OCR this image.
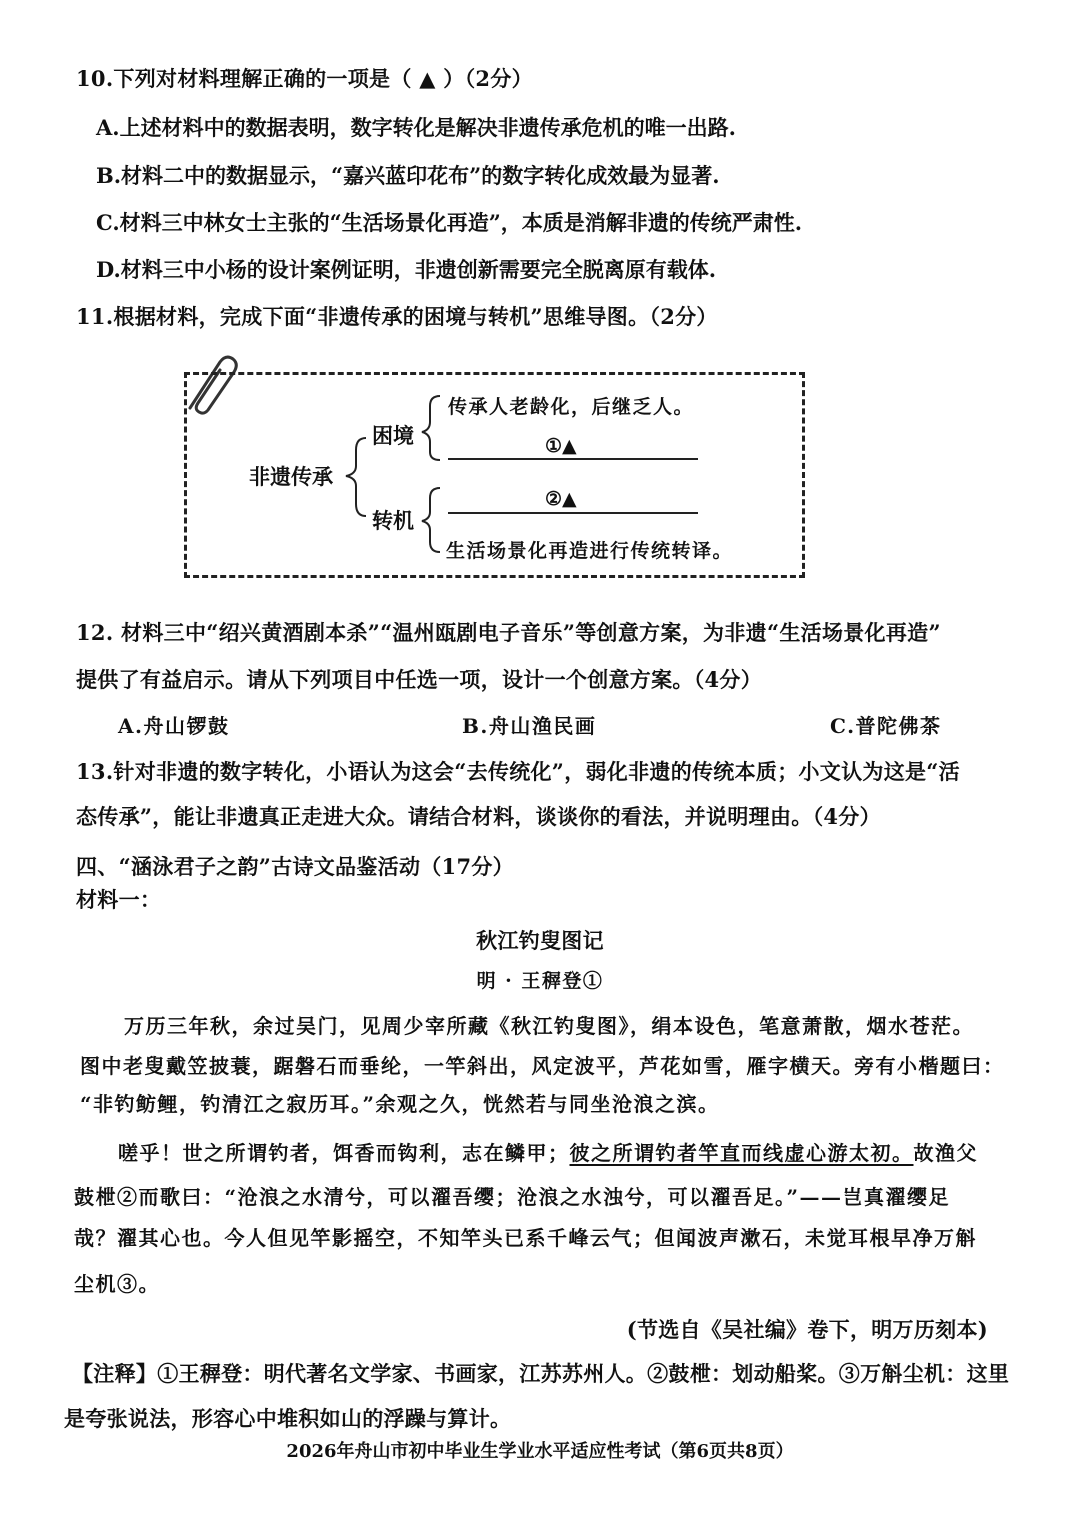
10.下列对材料理解正确的一项是（ ▲ ）（2分）
A.上述材料中的数据表明，数字转化是解决非遗传承危机的唯一出路.
B.材料二中的数据显示，“嘉兴蓝印花布”的数字转化成效最为显著.
C.材料三中林女士主张的“生活场景化再造”，本质是消解非遗的传统严肃性.
D.材料三中小杨的设计案例证明，非遗创新需要完全脱离原有载体.
11.根据材料，完成下面“非遗传承的困境与转机”思维导图。（2分）
非遗传承
困境
转机
传承人老龄化，后继乏人。
①▲
②▲
生活场景化再造进行传统转译。
12. 材料三中“绍兴黄酒剧本杀”“温州瓯剧电子音乐”等创意方案，为非遗“生活场景化再造”
提供了有益启示。请从下列项目中任选一项，设计一个创意方案。（4分）
A.舟山锣鼓	B.舟山渔民画	C.普陀佛茶
13.针对非遗的数字转化，小语认为这会“去传统化”，弱化非遗的传统本质；小文认为这是“活
态传承”，能让非遗真正走进大众。请结合材料，谈谈你的看法，并说明理由。（4分）
四、“涵泳君子之韵”古诗文品鉴活动（17分）
材料一：
秋江钓叟图记
明 · 王稺登①
万历三年秋，余过吴门，见周少宰所藏《秋江钓叟图》，绢本设色，笔意萧散，烟水苍茫。
图中老叟戴笠披蓑，踞磐石而垂纶，一竿斜出，风定波平，芦花如雪，雁字横天。旁有小楷题曰：
“非钓鲂鲤，钓清江之寂历耳。”余观之久，恍然若与同坐沧浪之滨。
嗟乎！世之所谓钓者，饵香而钩利，志在鳞甲；彼之所谓钓者竿直而线虚心游太初。故渔父
鼓枻②而歌曰：“沧浪之水清兮，可以濯吾缨；沧浪之水浊兮，可以濯吾足。”——岂真濯缨足
哉？濯其心也。今人但见竿影摇空，不知竿头已系千峰云气；但闻波声漱石，未觉耳根早净万斛
尘机③。
(节选自《吴社编》卷下，明万历刻本)
【注释】①王稺登：明代著名文学家、书画家，江苏苏州人。②鼓枻：划动船桨。③万斛尘机：这里
是夸张说法，形容心中堆积如山的浮躁与算计。
2026年舟山市初中毕业生学业水平适应性考试（第6页共8页）
